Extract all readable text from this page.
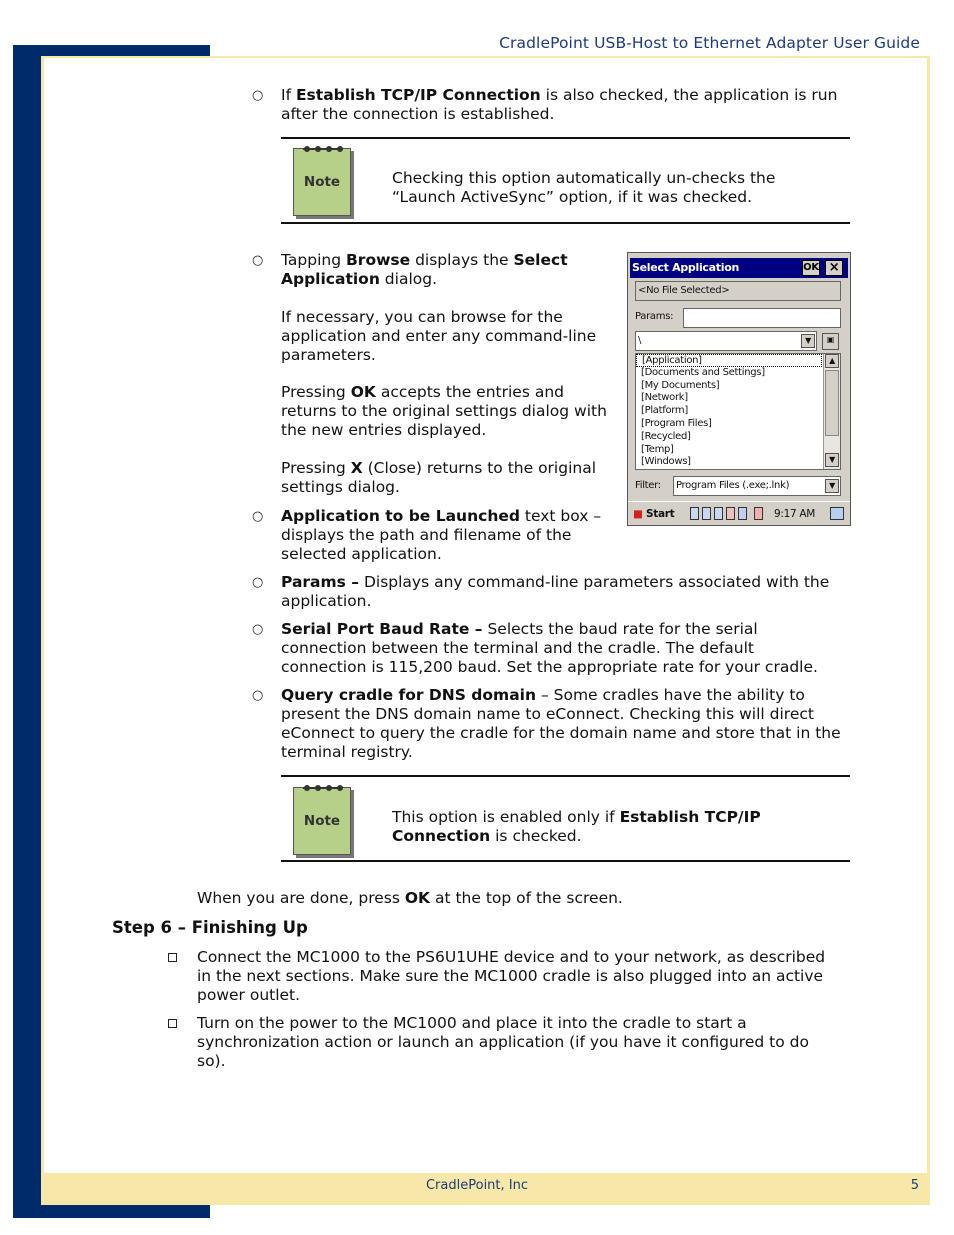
CradlePoint USB-Host to Ethernet Adapter User Guide
CradlePoint, Inc	5
○ If Establish TCP/IP Connection is also checked, the application is run after the connection is established.
Note	Checking this option automatically un-checks the “Launch ActiveSync” option, if it was checked.
○ Tapping Browse displays the Select Application dialog.
If necessary, you can browse for the application and enter any command-line parameters.
Pressing OK accepts the entries and returns to the original settings dialog with the new entries displayed.
Pressing X (Close) returns to the original settings dialog.
Select Application	OK ×
<No File Selected>
Params:
\	▼	▣
[Application]
[Documents and Settings]
[My Documents]
[Network]
[Platform]
[Program Files]
[Recycled]
[Temp]
[Windows]
▲
▼
Filter:	Program Files (.exe;.lnk)	▼
■ Start	9:17 AM
○ Application to be Launched text box – displays the path and filename of the selected application.
○ Params – Displays any command-line parameters associated with the application.
○ Serial Port Baud Rate – Selects the baud rate for the serial connection between the terminal and the cradle. The default connection is 115,200 baud. Set the appropriate rate for your cradle.
○ Query cradle for DNS domain – Some cradles have the ability to present the DNS domain name to eConnect. Checking this will direct eConnect to query the cradle for the domain name and store that in the terminal registry.
Note	This option is enabled only if Establish TCP/IP Connection is checked.
When you are done, press OK at the top of the screen.
Step 6 – Finishing Up
Connect the MC1000 to the PS6U1UHE device and to your network, as described in the next sections. Make sure the MC1000 cradle is also plugged into an active power outlet.
Turn on the power to the MC1000 and place it into the cradle to start a synchronization action or launch an application (if you have it configured to do so).
